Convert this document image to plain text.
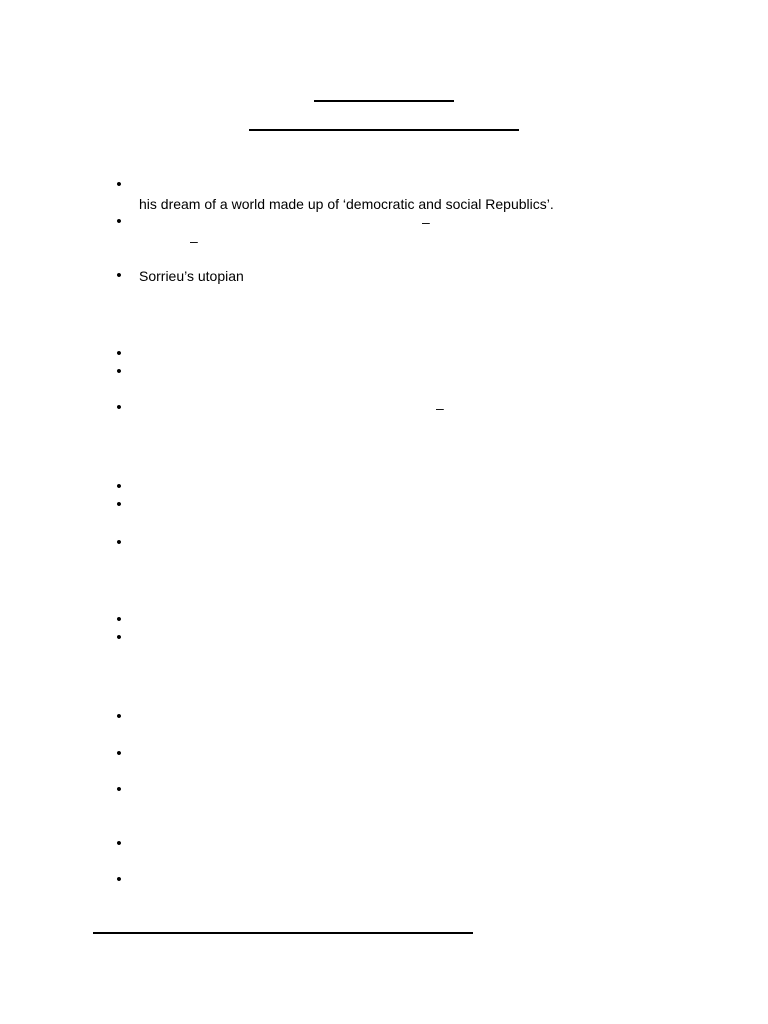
•
his dream of a world made up of ‘democratic and social Republics’.
•	–
–
• Sorrieu’s utopian
•
•
•	–
•
•
•
•
•
•
•
•
•
•
